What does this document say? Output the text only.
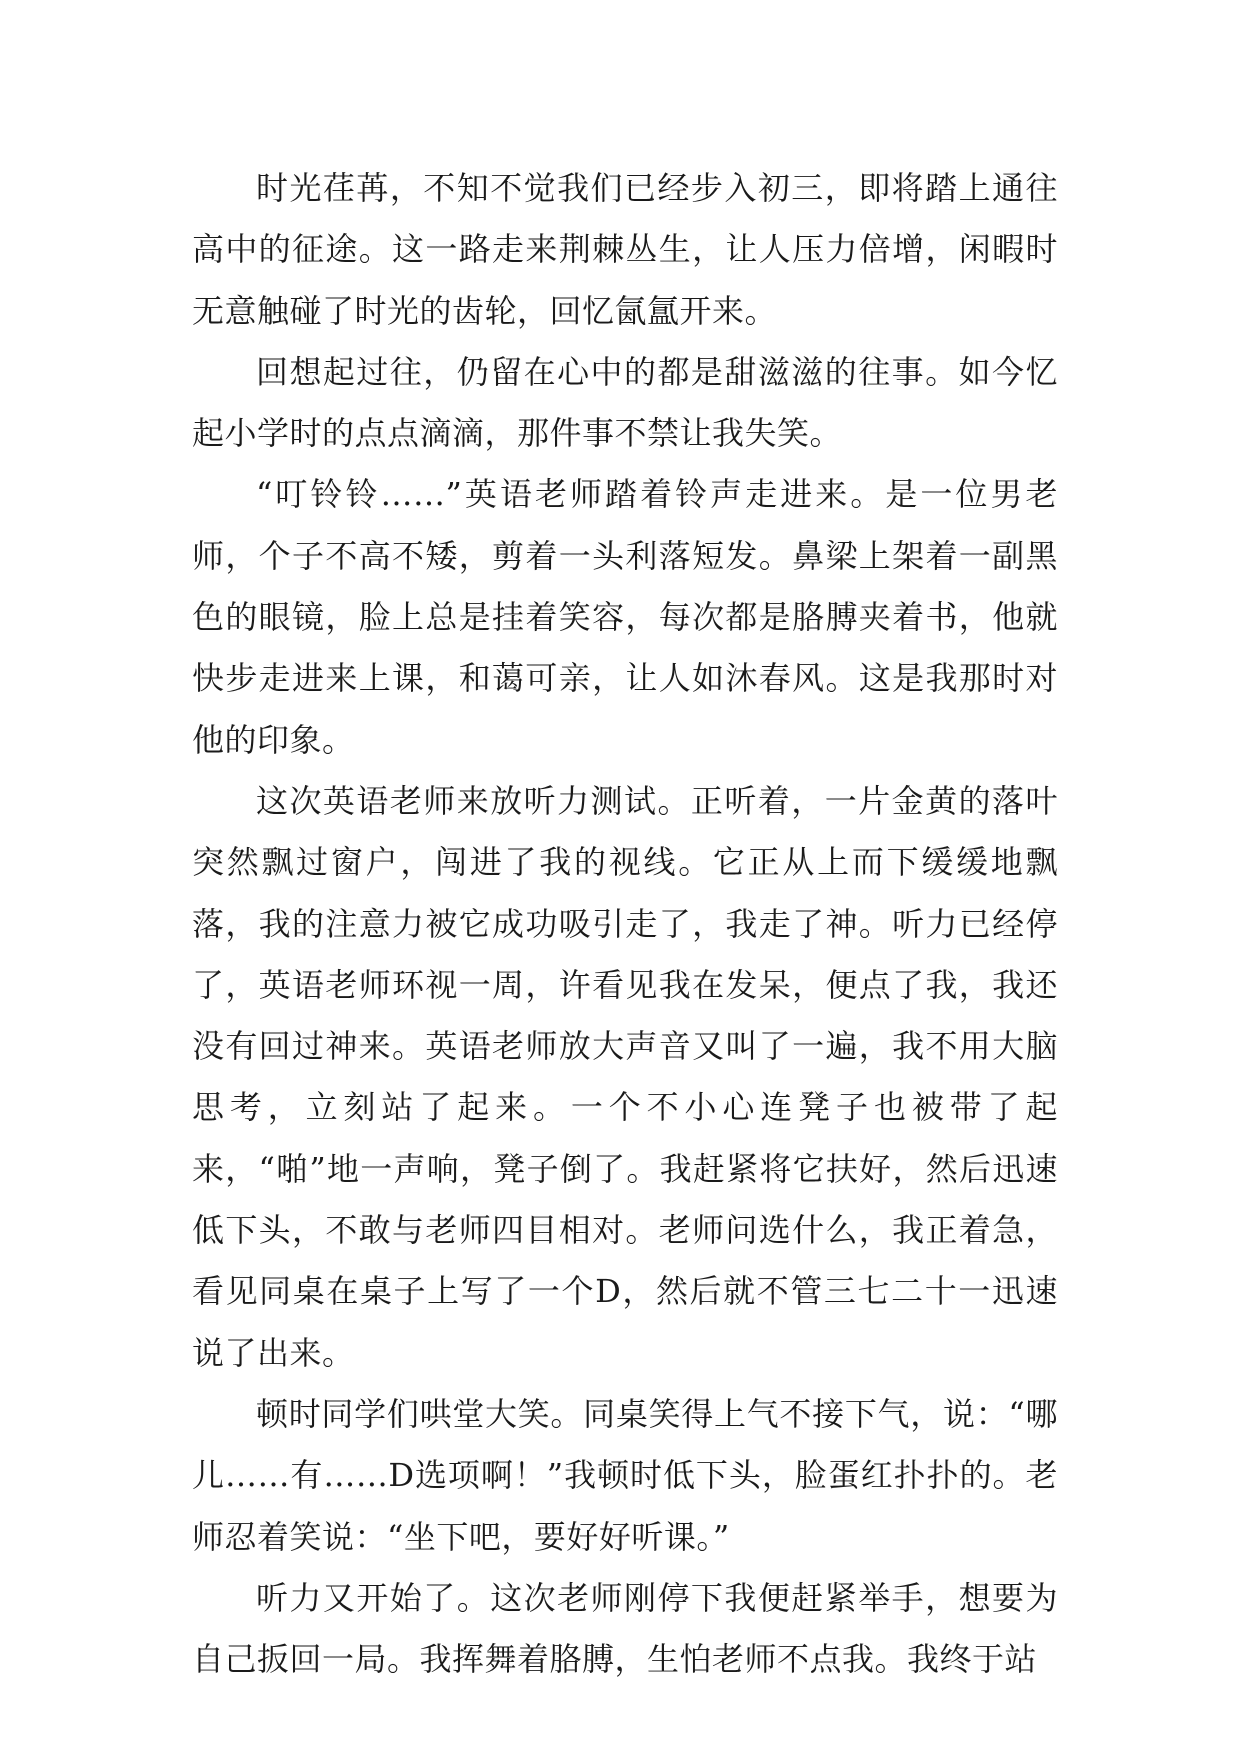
时光荏苒，不知不觉我们已经步入初三，即将踏上通往高中的征途。这一路走来荆棘丛生，让人压力倍增，闲暇时无意触碰了时光的齿轮，回忆氤氲开来。

回想起过往，仍留在心中的都是甜滋滋的往事。如今忆起小学时的点点滴滴，那件事不禁让我失笑。

“叮铃铃……”英语老师踏着铃声走进来。是一位男老师，个子不高不矮，剪着一头利落短发。鼻梁上架着一副黑色的眼镜，脸上总是挂着笑容，每次都是胳膊夹着书，他就快步走进来上课，和蔼可亲，让人如沐春风。这是我那时对他的印象。

这次英语老师来放听力测试。正听着，一片金黄的落叶突然飘过窗户，闯进了我的视线。它正从上而下缓缓地飘落，我的注意力被它成功吸引走了，我走了神。听力已经停了，英语老师环视一周，许看见我在发呆，便点了我，我还没有回过神来。英语老师放大声音又叫了一遍，我不用大脑思考，立刻站了起来。一个不小心连凳子也被带了起来，“啪”地一声响，凳子倒了。我赶紧将它扶好，然后迅速低下头，不敢与老师四目相对。老师问选什么，我正着急，看见同桌在桌子上写了一个D，然后就不管三七二十一迅速说了出来。

顿时同学们哄堂大笑。同桌笑得上气不接下气，说：“哪儿……有……D选项啊！”我顿时低下头，脸蛋红扑扑的。老师忍着笑说：“坐下吧，要好好听课。”

听力又开始了。这次老师刚停下我便赶紧举手，想要为自己扳回一局。我挥舞着胳膊，生怕老师不点我。我终于站
